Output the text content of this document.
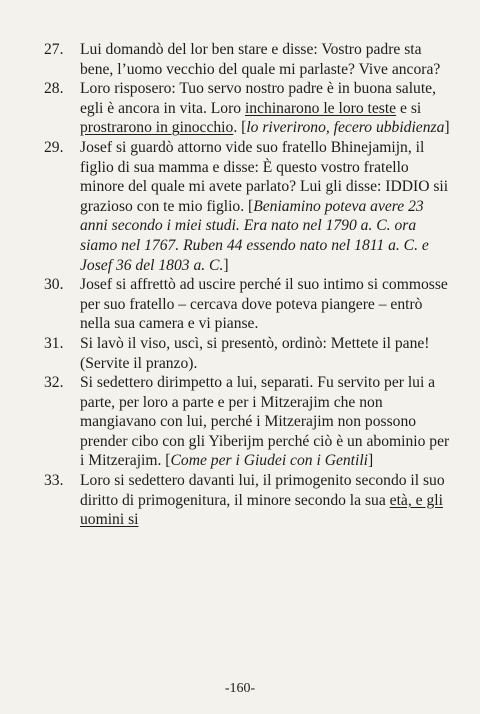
27. Lui domandò del lor ben stare e disse: Vostro padre sta bene, l’uomo vecchio del quale mi parlaste? Vive ancora?

28. Loro risposero: Tuo servo nostro padre è in buona salute, egli è ancora in vita. Loro inchinarono le loro teste e si prostrarono in ginocchio. [lo riverirono, fecero ubbidienza]

29. Josef si guardò attorno vide suo fratello Bhinejamijn, il figlio di sua mamma e disse: È questo vostro fratello minore del quale mi avete parlato? Lui gli disse: IDDIO sii grazioso con te mio figlio. [Beniamino poteva avere 23 anni secondo i miei studi. Era nato nel 1790 a. C. ora siamo nel 1767. Ruben 44 essendo nato nel 1811 a. C. e Josef 36 del 1803 a. C.]

30. Josef si affrettò ad uscire perché il suo intimo si commosse per suo fratello – cercava dove poteva piangere – entrò nella sua camera e vi pianse.

31. Si lavò il viso, uscì, si presentò, ordinò: Mettete il pane! (Servite il pranzo).

32. Si sedettero dirimpetto a lui, separati. Fu servito per lui a parte, per loro a parte e per i Mitzerajim che non mangiavano con lui, perché i Mitzerajim non possono prender cibo con gli Yiberijm perché ciò è un abominio per i Mitzerajim. [Come per i Giudei con i Gentili]

33. Loro si sedettero davanti lui, il primogenito secondo il suo diritto di primogenitura, il minore secondo la sua età, e gli uomini si

-160-
